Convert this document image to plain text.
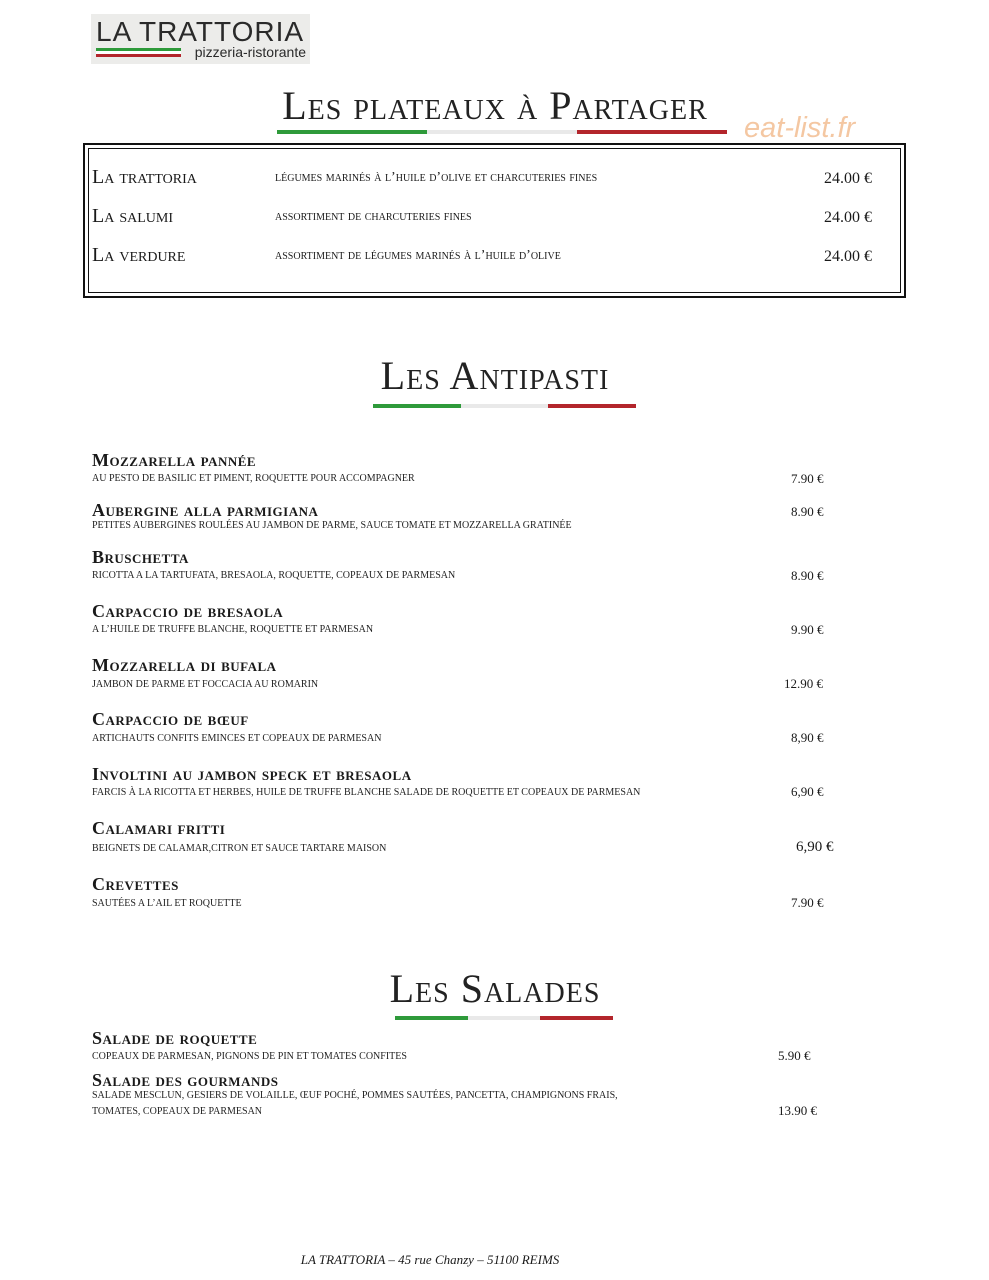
LA TRATTORIA
pizzeria-ristorante
Les plateaux à Partager	eat-list.fr
La trattoria	légumes marinés à l’huile d’olive et charcuteries fines	24.00 €
La salumi	assortiment de charcuteries fines	24.00 €
La verdure	assortiment de légumes marinés à l’huile d’olive	24.00 €
Les Antipasti
Mozzarella pannée
AU PESTO DE BASILIC ET PIMENT, ROQUETTE POUR ACCOMPAGNER	7.90 €
Aubergine alla parmigiana
PETITES AUBERGINES ROULÉES AU JAMBON DE PARME, SAUCE TOMATE ET MOZZARELLA GRATINÉE
8.90 €
Bruschetta
RICOTTA A LA TARTUFATA, BRESAOLA, ROQUETTE, COPEAUX DE PARMESAN	8.90 €
Carpaccio de bresaola
A L’HUILE DE TRUFFE BLANCHE, ROQUETTE ET PARMESAN	9.90 €
Mozzarella di bufala
JAMBON DE PARME ET FOCCACIA AU ROMARIN	12.90 €
Carpaccio de bœuf
ARTICHAUTS CONFITS EMINCES ET COPEAUX DE PARMESAN	8,90 €
Involtini au jambon speck et bresaola
FARCIS À LA RICOTTA ET HERBES, HUILE DE TRUFFE BLANCHE SALADE DE ROQUETTE ET COPEAUX DE PARMESAN	6,90 €
Calamari fritti
BEIGNETS DE CALAMAR,CITRON ET SAUCE TARTARE MAISON	6,90 €
Crevettes
SAUTÉES A L’AIL ET ROQUETTE	7.90 €
Les Salades
Salade de roquette
COPEAUX DE PARMESAN, PIGNONS DE PIN ET TOMATES CONFITES	5.90 €
Salade des gourmands
SALADE MESCLUN, GESIERS DE VOLAILLE, ŒUF POCHÉ, POMMES SAUTÉES, PANCETTA, CHAMPIGNONS FRAIS,
TOMATES, COPEAUX DE PARMESAN	13.90 €
LA TRATTORIA – 45 rue Chanzy – 51100 REIMS
